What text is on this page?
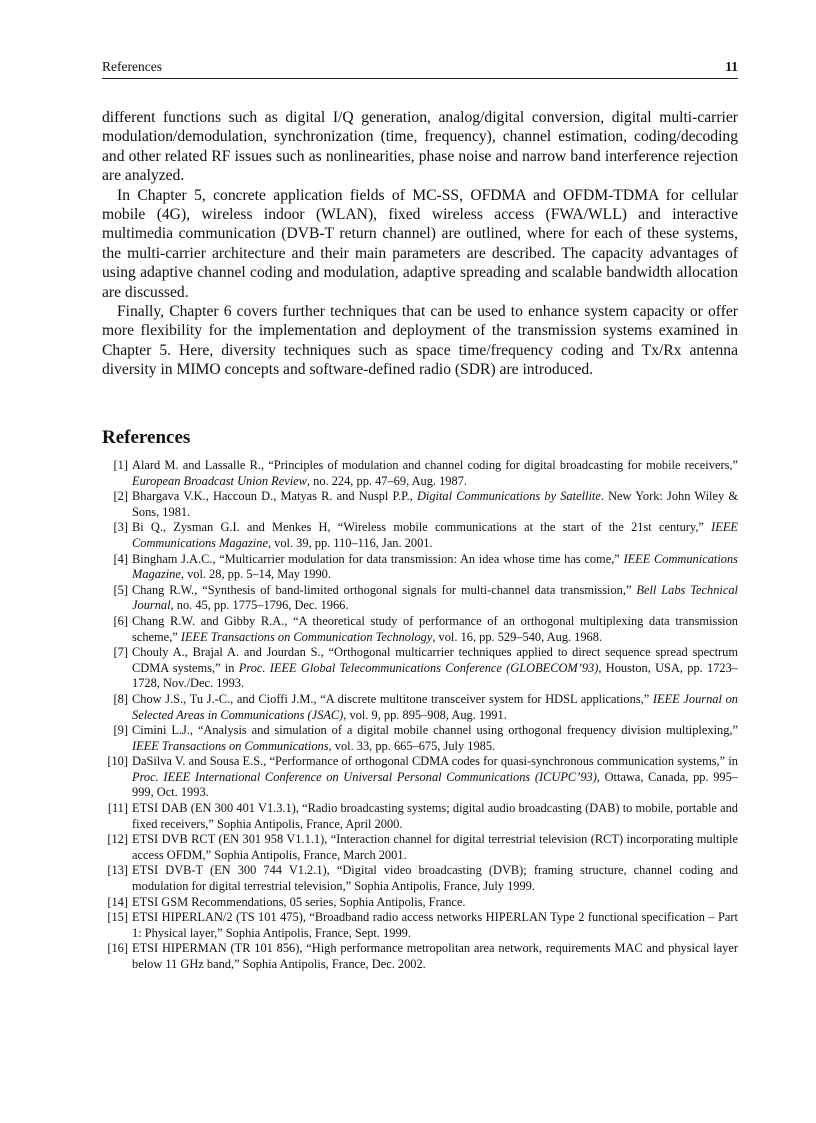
References	11

different functions such as digital I/Q generation, analog/digital conversion, digital multi-carrier modulation/demodulation, synchronization (time, frequency), channel estimation, coding/decoding and other related RF issues such as nonlinearities, phase noise and narrow band interference rejection are analyzed.

In Chapter 5, concrete application fields of MC-SS, OFDMA and OFDM-TDMA for cellular mobile (4G), wireless indoor (WLAN), fixed wireless access (FWA/WLL) and interactive multimedia communication (DVB-T return channel) are outlined, where for each of these systems, the multi-carrier architecture and their main parameters are described. The capacity advantages of using adaptive channel coding and modulation, adaptive spreading and scalable bandwidth allocation are discussed.

Finally, Chapter 6 covers further techniques that can be used to enhance system capacity or offer more flexibility for the implementation and deployment of the transmission systems examined in Chapter 5. Here, diversity techniques such as space time/frequency coding and Tx/Rx antenna diversity in MIMO concepts and software-defined radio (SDR) are introduced.

References
[1] Alard M. and Lassalle R., “Principles of modulation and channel coding for digital broadcasting for mobile receivers,” European Broadcast Union Review, no. 224, pp. 47–69, Aug. 1987.
[2] Bhargava V.K., Haccoun D., Matyas R. and Nuspl P.P., Digital Communications by Satellite. New York: John Wiley & Sons, 1981.
[3] Bi Q., Zysman G.I. and Menkes H, “Wireless mobile communications at the start of the 21st century,” IEEE Communications Magazine, vol. 39, pp. 110–116, Jan. 2001.
[4] Bingham J.A.C., “Multicarrier modulation for data transmission: An idea whose time has come,” IEEE Communications Magazine, vol. 28, pp. 5–14, May 1990.
[5] Chang R.W., “Synthesis of band-limited orthogonal signals for multi-channel data transmission,” Bell Labs Technical Journal, no. 45, pp. 1775–1796, Dec. 1966.
[6] Chang R.W. and Gibby R.A., “A theoretical study of performance of an orthogonal multiplexing data transmission scheme,” IEEE Transactions on Communication Technology, vol. 16, pp. 529–540, Aug. 1968.
[7] Chouly A., Brajal A. and Jourdan S., “Orthogonal multicarrier techniques applied to direct sequence spread spectrum CDMA systems,” in Proc. IEEE Global Telecommunications Conference (GLOBECOM’93), Houston, USA, pp. 1723–1728, Nov./Dec. 1993.
[8] Chow J.S., Tu J.-C., and Cioffi J.M., “A discrete multitone transceiver system for HDSL applications,” IEEE Journal on Selected Areas in Communications (JSAC), vol. 9, pp. 895–908, Aug. 1991.
[9] Cimini L.J., “Analysis and simulation of a digital mobile channel using orthogonal frequency division multiplexing,” IEEE Transactions on Communications, vol. 33, pp. 665–675, July 1985.
[10] DaSilva V. and Sousa E.S., “Performance of orthogonal CDMA codes for quasi-synchronous communication systems,” in Proc. IEEE International Conference on Universal Personal Communications (ICUPC’93), Ottawa, Canada, pp. 995–999, Oct. 1993.
[11] ETSI DAB (EN 300 401 V1.3.1), “Radio broadcasting systems; digital audio broadcasting (DAB) to mobile, portable and fixed receivers,” Sophia Antipolis, France, April 2000.
[12] ETSI DVB RCT (EN 301 958 V1.1.1), “Interaction channel for digital terrestrial television (RCT) incorporating multiple access OFDM,” Sophia Antipolis, France, March 2001.
[13] ETSI DVB-T (EN 300 744 V1.2.1), “Digital video broadcasting (DVB); framing structure, channel coding and modulation for digital terrestrial television,” Sophia Antipolis, France, July 1999.
[14] ETSI GSM Recommendations, 05 series, Sophia Antipolis, France.
[15] ETSI HIPERLAN/2 (TS 101 475), “Broadband radio access networks HIPERLAN Type 2 functional specification – Part 1: Physical layer,” Sophia Antipolis, France, Sept. 1999.
[16] ETSI HIPERMAN (TR 101 856), “High performance metropolitan area network, requirements MAC and physical layer below 11 GHz band,” Sophia Antipolis, France, Dec. 2002.
